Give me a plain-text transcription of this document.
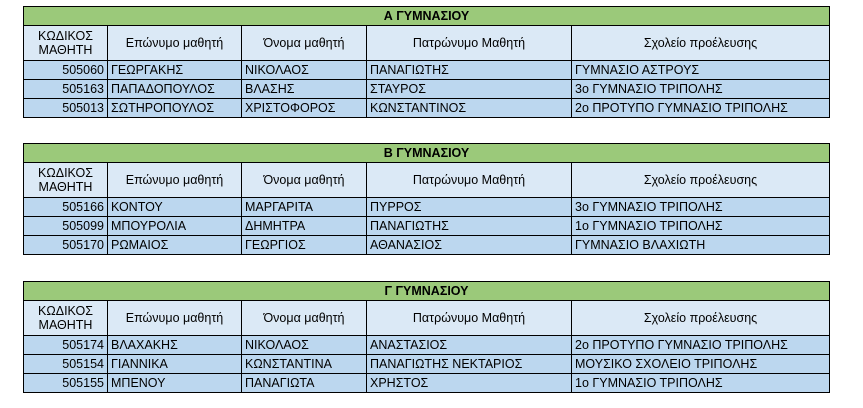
Α ΓΥΜΝΑΣΙΟΥ				
ΚΩΔΙΚΟΣ ΜΑΘΗΤΗ	Επώνυμο μαθητή	Όνομα μαθητή	Πατρώνυμο Μαθητή	Σχολείο προέλευσης
505060	ΓΕΩΡΓΑΚΗΣ	ΝΙΚΟΛΑΟΣ	ΠΑΝΑΓΙΩΤΗΣ	ΓΥΜΝΑΣΙΟ ΑΣΤΡΟΥΣ
505163	ΠΑΠΑΔΟΠΟΥΛΟΣ	ΒΛΑΣΗΣ	ΣΤΑΥΡΟΣ	3ο ΓΥΜΝΑΣΙΟ ΤΡΙΠΟΛΗΣ
505013	ΣΩΤΗΡΟΠΟΥΛΟΣ	ΧΡΙΣΤΟΦΟΡΟΣ	ΚΩΝΣΤΑΝΤΙΝΟΣ	2ο ΠΡΟΤΥΠΟ ΓΥΜΝΑΣΙΟ ΤΡΙΠΟΛΗΣ
Β ΓΥΜΝΑΣΙΟΥ				
ΚΩΔΙΚΟΣ ΜΑΘΗΤΗ	Επώνυμο μαθητή	Όνομα μαθητή	Πατρώνυμο Μαθητή	Σχολείο προέλευσης
505166	ΚΟΝΤΟΥ	ΜΑΡΓΑΡΙΤΑ	ΠΥΡΡΟΣ	3ο ΓΥΜΝΑΣΙΟ ΤΡΙΠΟΛΗΣ
505099	ΜΠΟΥΡΟΛΙΑ	ΔΗΜΗΤΡΑ	ΠΑΝΑΓΙΩΤΗΣ	1ο ΓΥΜΝΑΣΙΟ ΤΡΙΠΟΛΗΣ
505170	ΡΩΜΑΙΟΣ	ΓΕΩΡΓΙΟΣ	ΑΘΑΝΑΣΙΟΣ	ΓΥΜΝΑΣΙΟ ΒΛΑΧΙΩΤΗ
Γ ΓΥΜΝΑΣΙΟΥ				
ΚΩΔΙΚΟΣ ΜΑΘΗΤΗ	Επώνυμο μαθητή	Όνομα μαθητή	Πατρώνυμο Μαθητή	Σχολείο προέλευσης
505174	ΒΛΑΧΑΚΗΣ	ΝΙΚΟΛΑΟΣ	ΑΝΑΣΤΑΣΙΟΣ	2ο ΠΡΟΤΥΠΟ ΓΥΜΝΑΣΙΟ ΤΡΙΠΟΛΗΣ
505154	ΓΙΑΝΝΙΚΑ	ΚΩΝΣΤΑΝΤΙΝΑ	ΠΑΝΑΓΙΩΤΗΣ ΝΕΚΤΑΡΙΟΣ	ΜΟΥΣΙΚΟ ΣΧΟΛΕΙΟ ΤΡΙΠΟΛΗΣ
505155	ΜΠΕΝΟΥ	ΠΑΝΑΓΙΩΤΑ	ΧΡΗΣΤΟΣ	1ο ΓΥΜΝΑΣΙΟ ΤΡΙΠΟΛΗΣ
